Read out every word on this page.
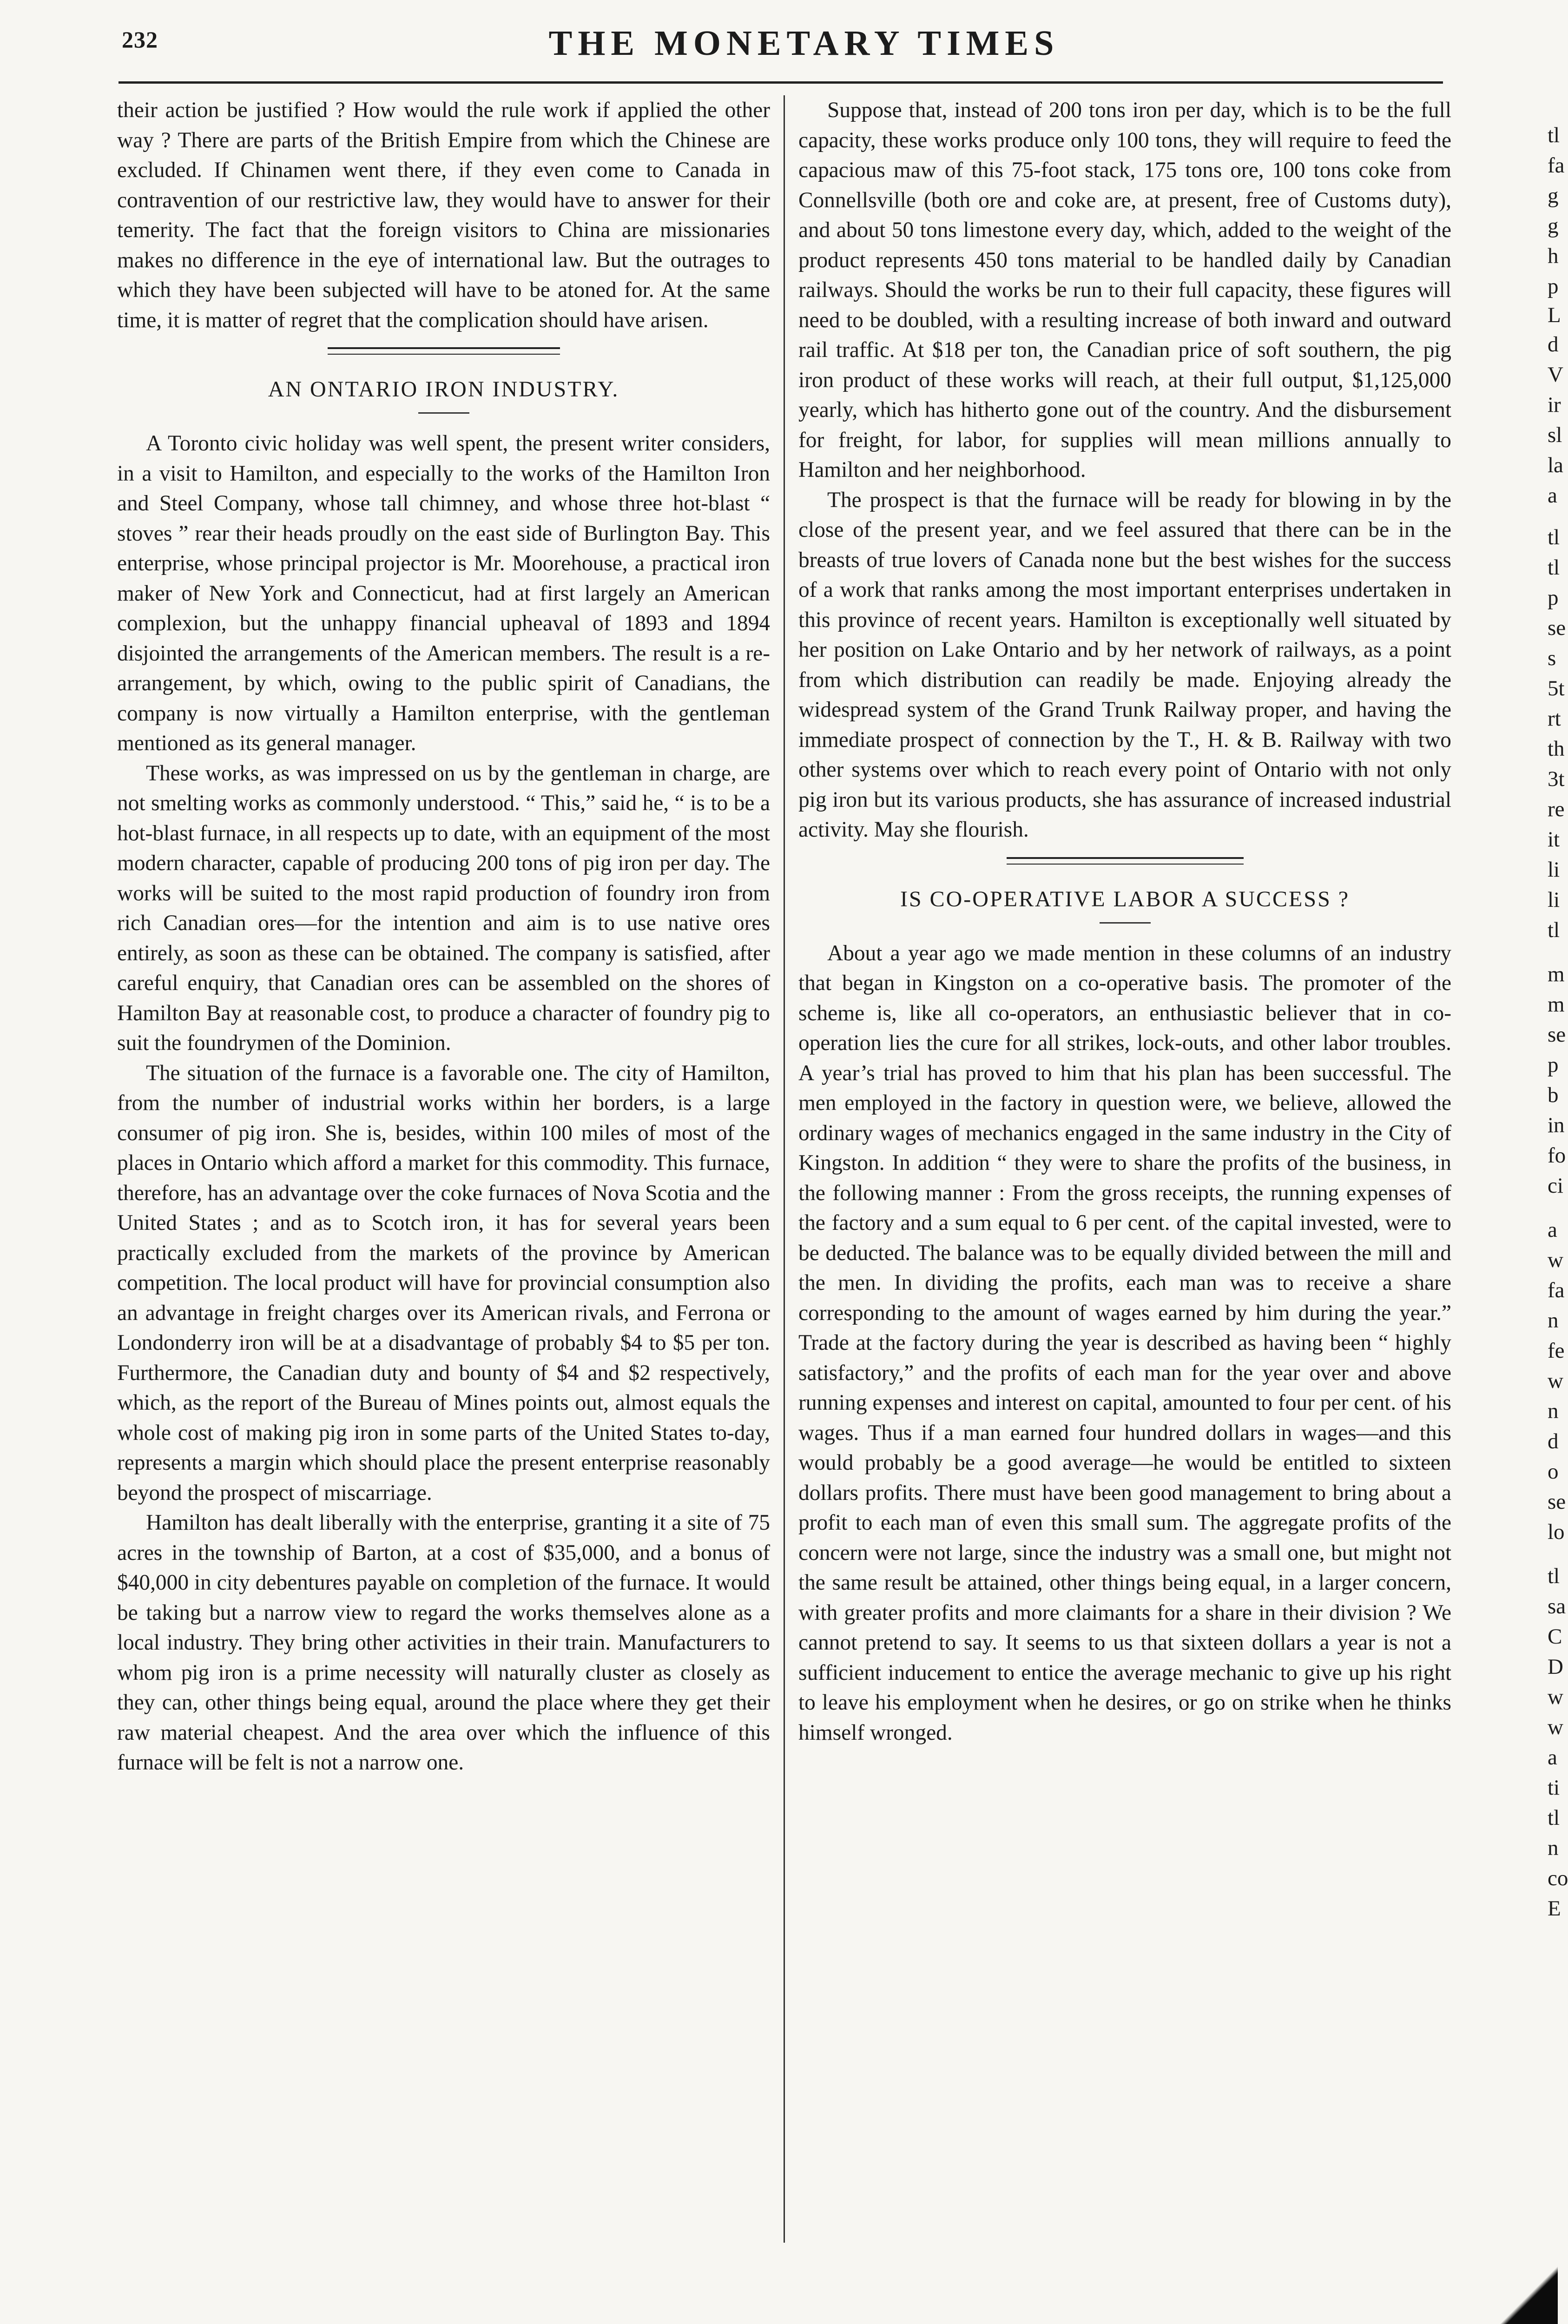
232	THE MONETARY TIMES

their action be justified ? How would the rule work if applied the other way ? There are parts of the British Empire from which the Chinese are excluded. If Chinamen went there, if they even come to Canada in contravention of our restrictive law, they would have to answer for their temerity. The fact that the foreign visitors to China are missionaries makes no difference in the eye of international law. But the outrages to which they have been subjected will have to be atoned for. At the same time, it is matter of regret that the complication should have arisen.

AN ONTARIO IRON INDUSTRY.

A Toronto civic holiday was well spent, the present writer considers, in a visit to Hamilton, and especially to the works of the Hamilton Iron and Steel Company, whose tall chimney, and whose three hot-blast “ stoves ” rear their heads proudly on the east side of Burlington Bay. This enterprise, whose principal projector is Mr. Moorehouse, a practical iron maker of New York and Connecticut, had at first largely an American complexion, but the unhappy financial upheaval of 1893 and 1894 disjointed the arrangements of the American members. The result is a re-arrangement, by which, owing to the public spirit of Canadians, the company is now virtually a Hamilton enterprise, with the gentleman mentioned as its general manager.

These works, as was impressed on us by the gentleman in charge, are not smelting works as commonly understood. “ This,” said he, “ is to be a hot-blast furnace, in all respects up to date, with an equipment of the most modern character, capable of producing 200 tons of pig iron per day. The works will be suited to the most rapid production of foundry iron from rich Canadian ores—for the intention and aim is to use native ores entirely, as soon as these can be obtained. The company is satisfied, after careful enquiry, that Canadian ores can be assembled on the shores of Hamilton Bay at reasonable cost, to produce a character of foundry pig to suit the foundrymen of the Dominion.

The situation of the furnace is a favorable one. The city of Hamilton, from the number of industrial works within her borders, is a large consumer of pig iron. She is, besides, within 100 miles of most of the places in Ontario which afford a market for this commodity. This furnace, therefore, has an advantage over the coke furnaces of Nova Scotia and the United States ; and as to Scotch iron, it has for several years been practically excluded from the markets of the province by American competition. The local product will have for provincial consumption also an advantage in freight charges over its American rivals, and Ferrona or Londonderry iron will be at a disadvantage of probably $4 to $5 per ton. Furthermore, the Canadian duty and bounty of $4 and $2 respectively, which, as the report of the Bureau of Mines points out, almost equals the whole cost of making pig iron in some parts of the United States to-day, represents a margin which should place the present enterprise reasonably beyond the prospect of miscarriage.

Hamilton has dealt liberally with the enterprise, granting it a site of 75 acres in the township of Barton, at a cost of $35,000, and a bonus of $40,000 in city debentures payable on completion of the furnace. It would be taking but a narrow view to regard the works themselves alone as a local industry. They bring other activities in their train. Manufacturers to whom pig iron is a prime necessity will naturally cluster as closely as they can, other things being equal, around the place where they get their raw material cheapest. And the area over which the influence of this furnace will be felt is not a narrow one.

Suppose that, instead of 200 tons iron per day, which is to be the full capacity, these works produce only 100 tons, they will require to feed the capacious maw of this 75-foot stack, 175 tons ore, 100 tons coke from Connellsville (both ore and coke are, at present, free of Customs duty), and about 50 tons limestone every day, which, added to the weight of the product represents 450 tons material to be handled daily by Canadian railways. Should the works be run to their full capacity, these figures will need to be doubled, with a resulting increase of both inward and outward rail traffic. At $18 per ton, the Canadian price of soft southern, the pig iron product of these works will reach, at their full output, $1,125,000 yearly, which has hitherto gone out of the country. And the disbursement for freight, for labor, for supplies will mean millions annually to Hamilton and her neighborhood.

The prospect is that the furnace will be ready for blowing in by the close of the present year, and we feel assured that there can be in the breasts of true lovers of Canada none but the best wishes for the success of a work that ranks among the most important enterprises undertaken in this province of recent years. Hamilton is exceptionally well situated by her position on Lake Ontario and by her network of railways, as a point from which distribution can readily be made. Enjoying already the widespread system of the Grand Trunk Railway proper, and having the immediate prospect of connection by the T., H. & B. Railway with two other systems over which to reach every point of Ontario with not only pig iron but its various products, she has assurance of increased industrial activity. May she flourish.

IS CO-OPERATIVE LABOR A SUCCESS ?

About a year ago we made mention in these columns of an industry that began in Kingston on a co-operative basis. The promoter of the scheme is, like all co-operators, an enthusiastic believer that in co-operation lies the cure for all strikes, lock-outs, and other labor troubles. A year’s trial has proved to him that his plan has been successful. The men employed in the factory in question were, we believe, allowed the ordinary wages of mechanics engaged in the same industry in the City of Kingston. In addition “ they were to share the profits of the business, in the following manner : From the gross receipts, the running expenses of the factory and a sum equal to 6 per cent. of the capital invested, were to be deducted. The balance was to be equally divided between the mill and the men. In dividing the profits, each man was to receive a share corresponding to the amount of wages earned by him during the year.” Trade at the factory during the year is described as having been “ highly satisfactory,” and the profits of each man for the year over and above running expenses and interest on capital, amounted to four per cent. of his wages. Thus if a man earned four hundred dollars in wages—and this would probably be a good average—he would be entitled to sixteen dollars profits. There must have been good management to bring about a profit to each man of even this small sum. The aggregate profits of the concern were not large, since the industry was a small one, but might not the same result be attained, other things being equal, in a larger concern, with greater profits and more claimants for a share in their division ? We cannot pretend to say. It seems to us that sixteen dollars a year is not a sufficient inducement to entice the average mechanic to give up his right to leave his employment when he desires, or go on strike when he thinks himself wronged.

tl
fa
g
g
h
p
L
d
V
ir
sl
la
a
tl
tl
p
se
s
5t
rt
th
3t
re
it
li
li
tl
m
m
se
p
b
in
fo
ci
a
w
fa
n
fe
w
n
d
o
se
lo
tl
sa
C
D
w
w
a
ti
tl
n
co
E
